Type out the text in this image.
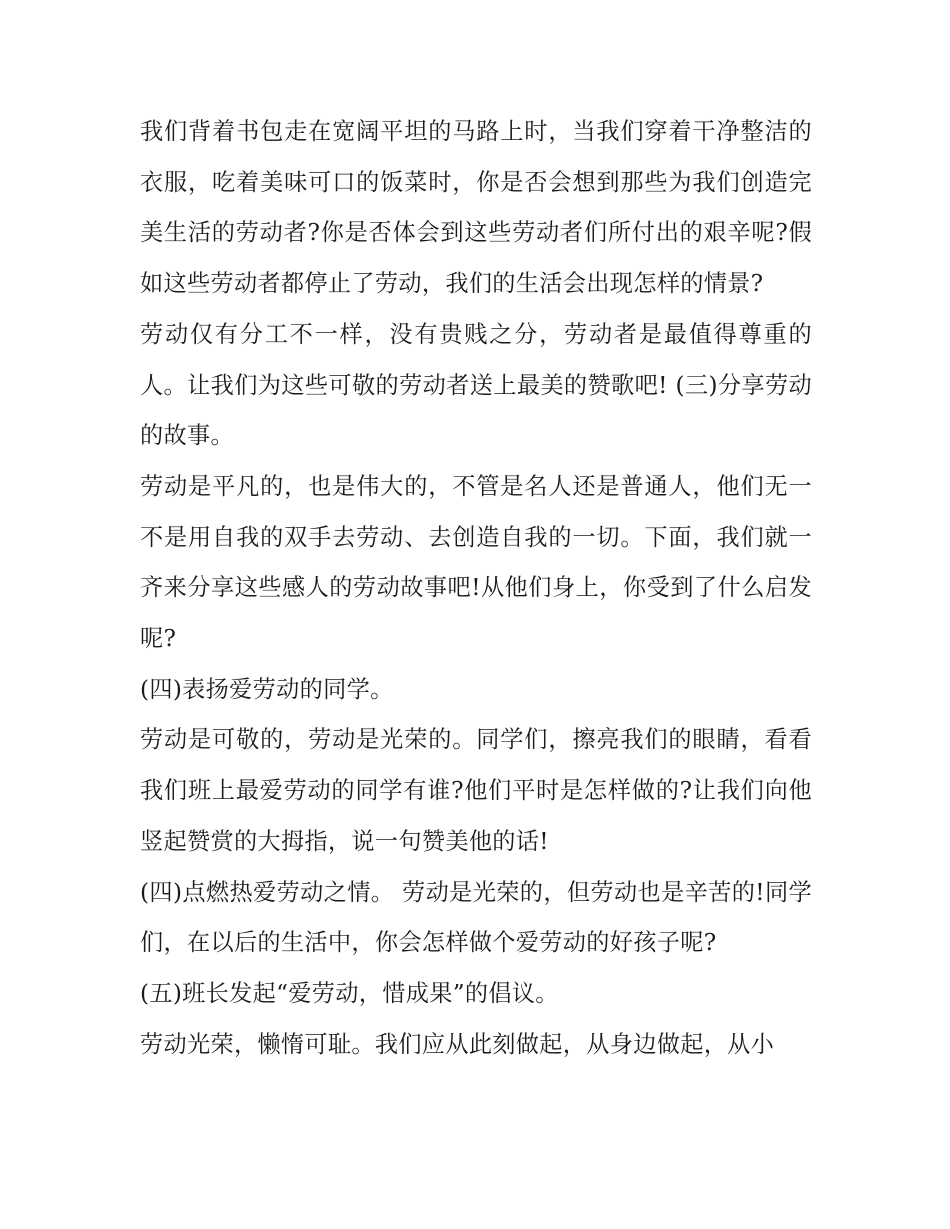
我们背着书包走在宽阔平坦的马路上时，当我们穿着干净整洁的衣服，吃着美味可口的饭菜时，你是否会想到那些为我们创造完美生活的劳动者?你是否体会到这些劳动者们所付出的艰辛呢?假如这些劳动者都停止了劳动，我们的生活会出现怎样的情景?

劳动仅有分工不一样，没有贵贱之分，劳动者是最值得尊重的人。让我们为这些可敬的劳动者送上最美的赞歌吧! (三)分享劳动的故事。

劳动是平凡的，也是伟大的，不管是名人还是普通人，他们无一不是用自我的双手去劳动、去创造自我的一切。下面，我们就一齐来分享这些感人的劳动故事吧!从他们身上，你受到了什么启发呢?

(四)表扬爱劳动的同学。

劳动是可敬的，劳动是光荣的。同学们，擦亮我们的眼睛，看看我们班上最爱劳动的同学有谁?他们平时是怎样做的?让我们向他竖起赞赏的大拇指，说一句赞美他的话!

(四)点燃热爱劳动之情。 劳动是光荣的，但劳动也是辛苦的!同学们，在以后的生活中，你会怎样做个爱劳动的好孩子呢?

(五)班长发起“爱劳动，惜成果”的倡议。

劳动光荣，懒惰可耻。我们应从此刻做起，从身边做起，从小
